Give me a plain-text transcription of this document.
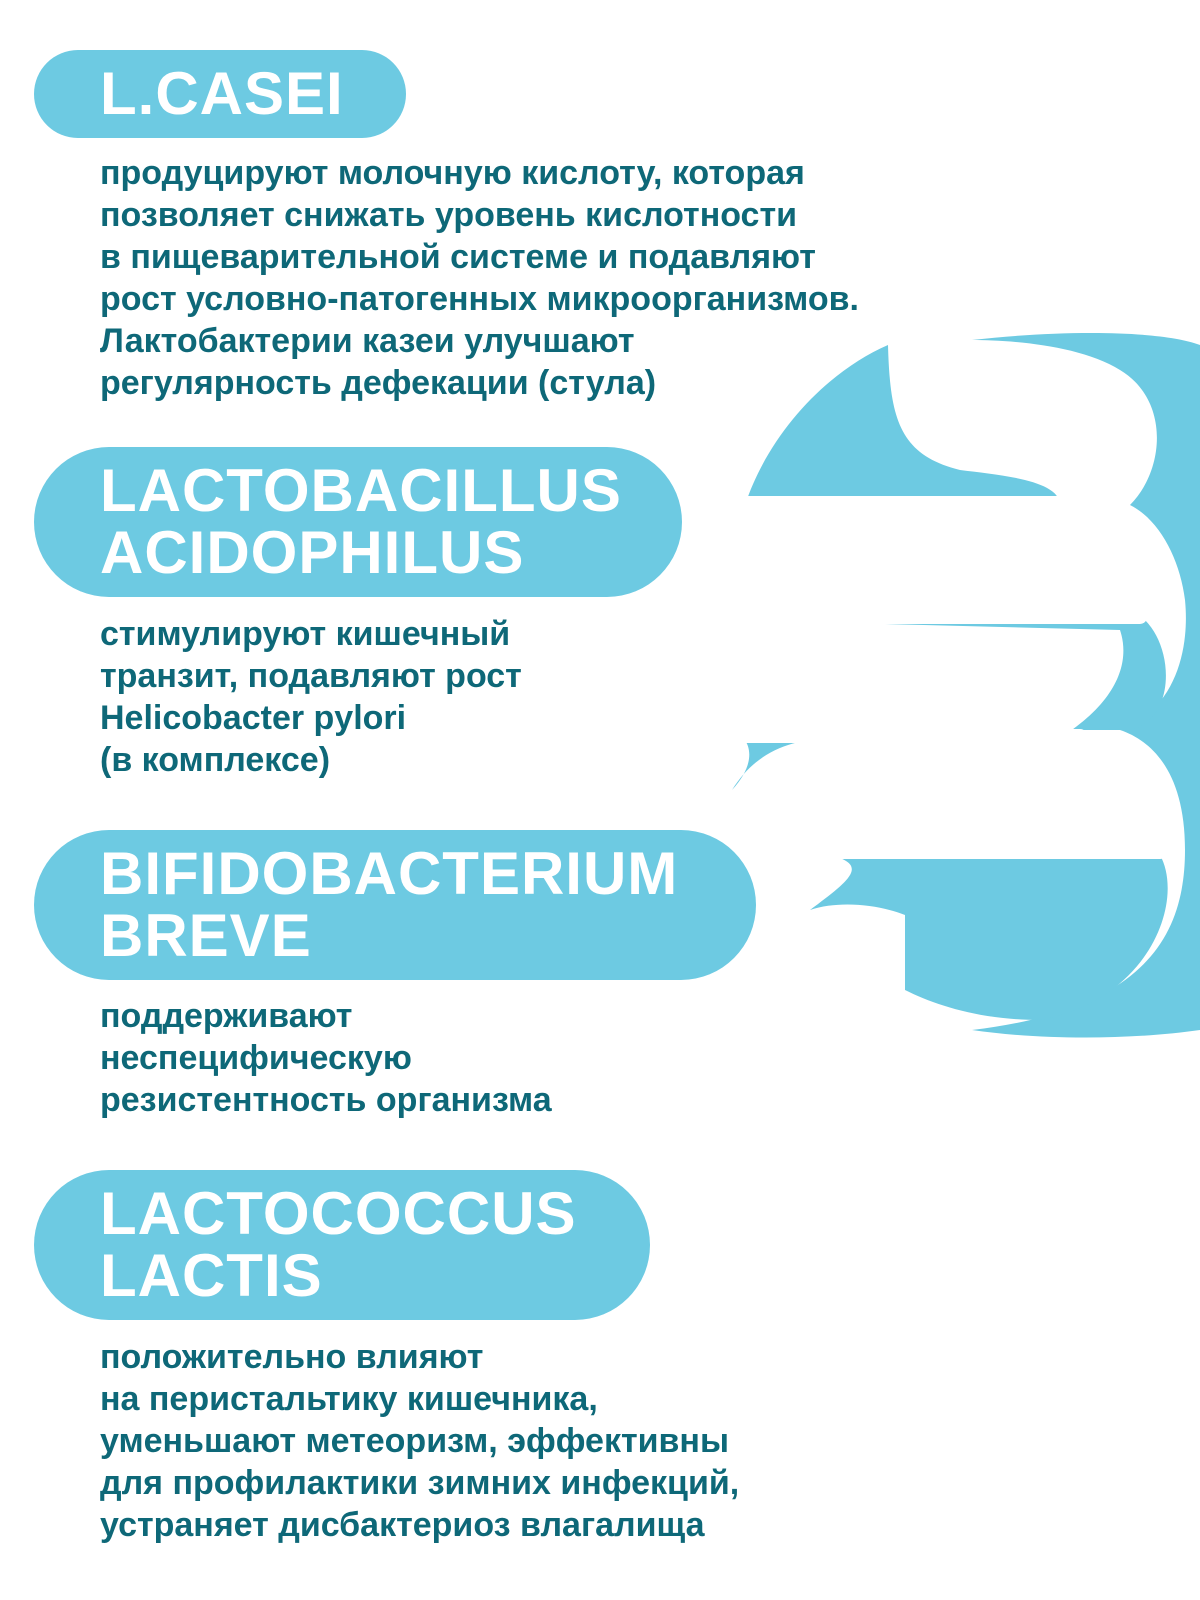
L.CASEI
продуцируют молочную кислоту, которая
позволяет снижать уровень кислотности
в пищеварительной системе и подавляют
рост условно-патогенных микроорганизмов.
Лактобактерии казеи улучшают
регулярность дефекации (стула)
LACTOBACILLUS
ACIDOPHILUS
стимулируют кишечный
транзит, подавляют рост
Helicobacter pylori
(в комплексе)
BIFIDOBACTERIUM
BREVE
поддерживают
неспецифическую
резистентность организма
LACTOCOCCUS
LACTIS
положительно влияют
на перистальтику кишечника,
уменьшают метеоризм, эффективны
для профилактики зимних инфекций,
устраняет дисбактериоз влагалища
